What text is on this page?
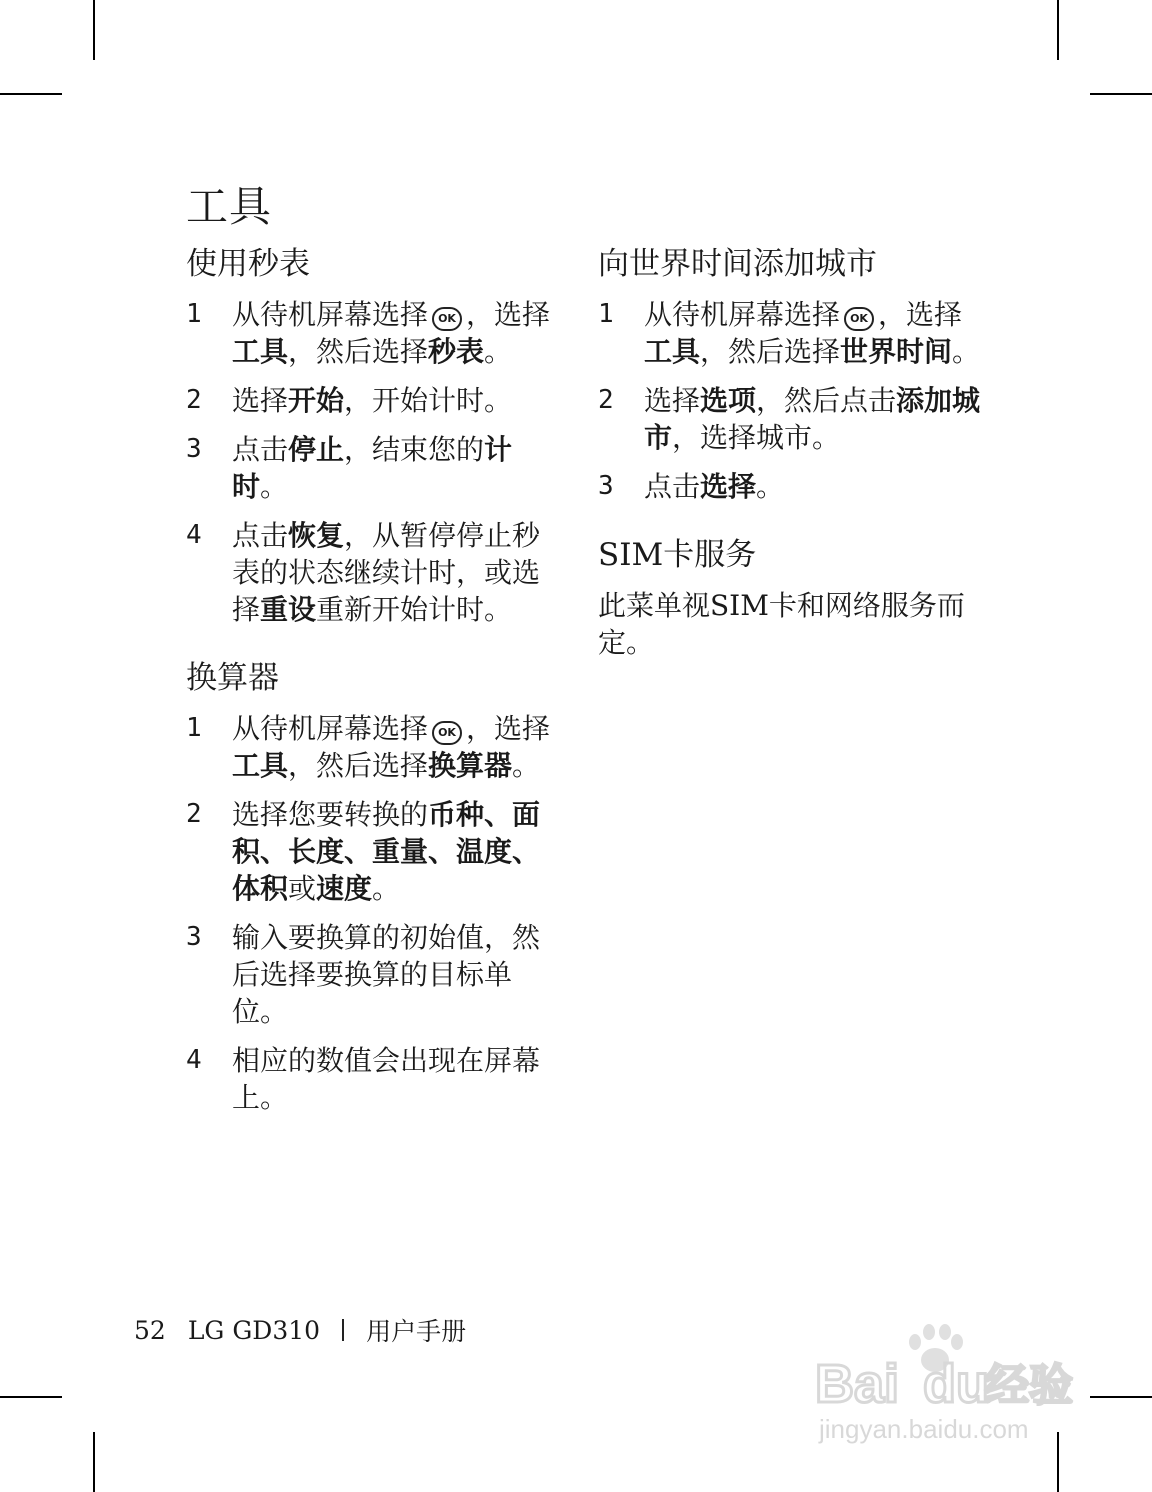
工具
使用秒表
1	从待机屏幕选择 OK ，选择工具，然后选择秒表。
2	选择开始，开始计时。
3	点击停止，结束您的计时。
4	点击恢复，从暂停停止秒表的状态继续计时，或选择重设重新开始计时。
换算器
1	从待机屏幕选择 OK ，选择工具，然后选择换算器。
2	选择您要转换的币种、面积、长度、重量、温度、体积或速度。
3	输入要换算的初始值，然后选择要换算的目标单位。
4	相应的数值会出现在屏幕上。
向世界时间添加城市
1	从待机屏幕选择 OK ，选择工具，然后选择世界时间。
2	选择选项，然后点击添加城市，选择城市。
3	点击选择。
SIM卡服务

此菜单视SIM卡和网络服务而定。

52 LG GD310 用户手册
Bai du
经验
jingyan.baidu.com
